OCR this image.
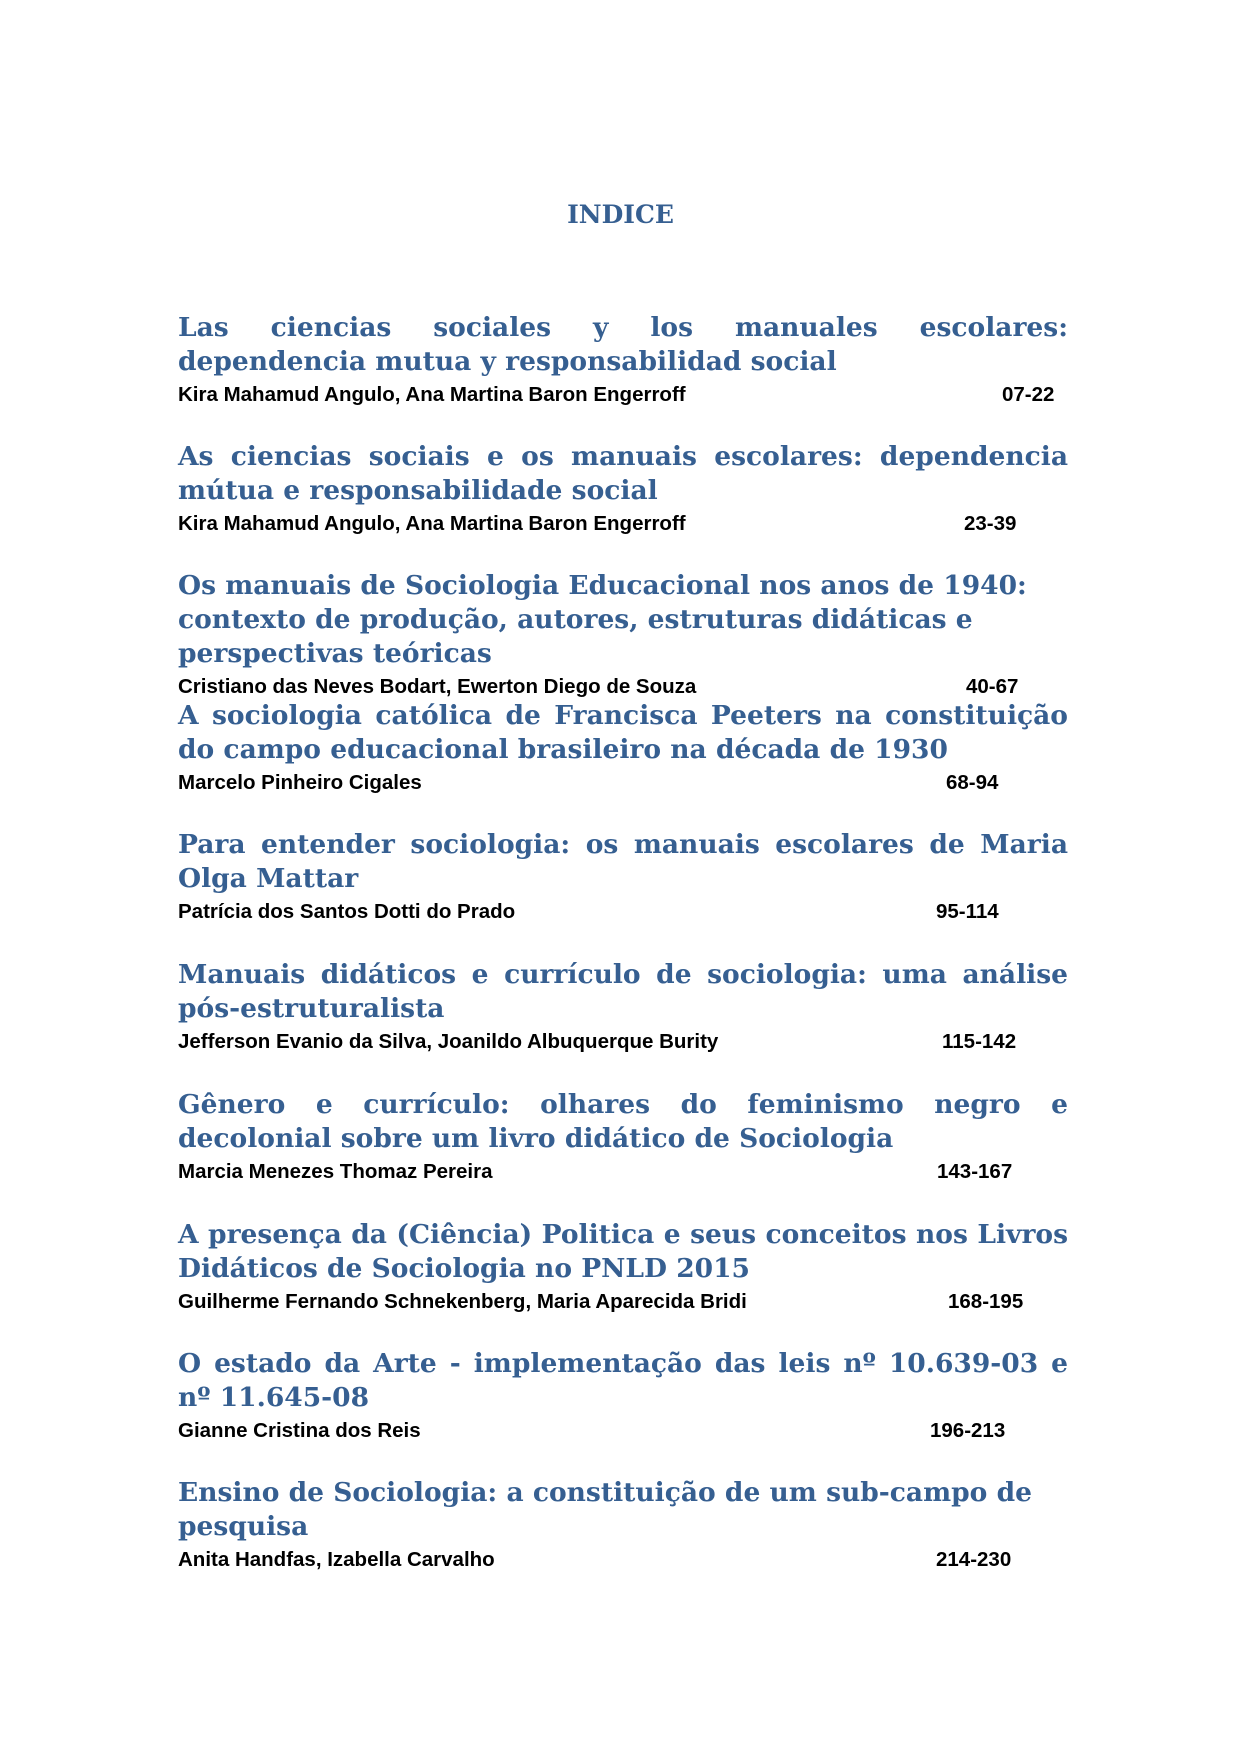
INDICE

Las ciencias sociales y los manuales escolares: dependencia mutua y responsabilidad social

Kira Mahamud Angulo, Ana Martina Baron Engerroff	07-22

As ciencias sociais e os manuais escolares: dependencia mútua e responsabilidade social

Kira Mahamud Angulo, Ana Martina Baron Engerroff	23-39

Os manuais de Sociologia Educacional nos anos de 1940: contexto de produção, autores, estruturas didáticas e perspectivas teóricas

Cristiano das Neves Bodart, Ewerton Diego de Souza	40-67

A sociologia católica de Francisca Peeters na constituição do campo educacional brasileiro na década de 1930

Marcelo Pinheiro Cigales	68-94

Para entender sociologia: os manuais escolares de Maria Olga Mattar

Patrícia dos Santos Dotti do Prado	95-114

Manuais didáticos e currículo de sociologia: uma análise pós-estruturalista

Jefferson Evanio da Silva, Joanildo Albuquerque Burity	115-142

Gênero e currículo: olhares do feminismo negro e decolonial sobre um livro didático de Sociologia

Marcia Menezes Thomaz Pereira	143-167

A presença da (Ciência) Politica e seus conceitos nos Livros Didáticos de Sociologia no PNLD 2015

Guilherme Fernando Schnekenberg, Maria Aparecida Bridi	168-195

O estado da Arte - implementação das leis nº 10.639-03 e nº 11.645-08

Gianne Cristina dos Reis	196-213

Ensino de Sociologia: a constituição de um sub-campo de pesquisa

Anita Handfas, Izabella Carvalho	214-230
